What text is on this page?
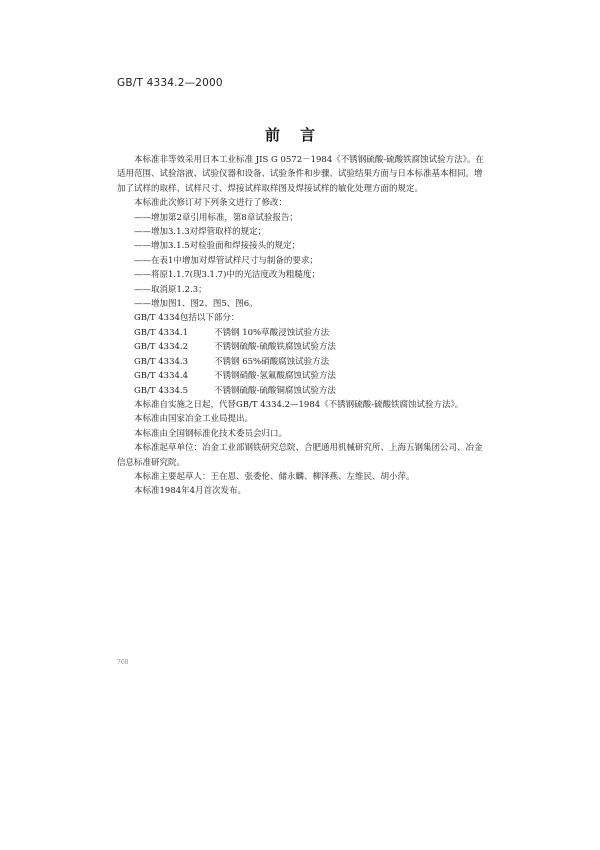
GB/T 4334.2—2000
前言

本标准非等效采用日本工业标准 JIS G 0572－1984《不锈钢硫酸-硫酸铁腐蚀试验方法》。在适用范围、试验溶液、试验仪器和设备、试验条件和步骤、试验结果方面与日本标准基本相同。增加了试样的取样、试样尺寸、焊接试样取样图及焊接试样的敏化处理方面的规定。

本标准此次修订对下列条文进行了修改：

——增加第2章引用标准，第8章试验报告；

——增加3.1.3对焊管取样的规定；

——增加3.1.5对检验面和焊接接头的规定；

——在表1中增加对焊管试样尺寸与制备的要求；

——将原1.1.7(现3.1.7)中的光洁度改为粗糙度；

——取消原1.2.3；

——增加图1、图2、图5、图6。

GB/T 4334包括以下部分：

GB/T 4334.1	不锈钢 10%草酸浸蚀试验方法
GB/T 4334.2	不锈钢硫酸-硫酸铁腐蚀试验方法
GB/T 4334.3	不锈钢 65%硝酸腐蚀试验方法
GB/T 4334.4	不锈钢硝酸-氢氟酸腐蚀试验方法
GB/T 4334.5	不锈钢硫酸-硫酸铜腐蚀试验方法

本标准自实施之日起，代替GB/T 4334.2—1984《不锈钢硫酸-硫酸铁腐蚀试验方法》。

本标准由国家冶金工业局提出。

本标准由全国钢标准化技术委员会归口。

本标准起草单位：冶金工业部钢铁研究总院、合肥通用机械研究所、上海五钢集团公司、冶金信息标准研究院。

本标准主要起草人：王在恩、张委伦、储永麟、柳泽燕、左维民、胡小萍。

本标准1984年4月首次发布。

768
